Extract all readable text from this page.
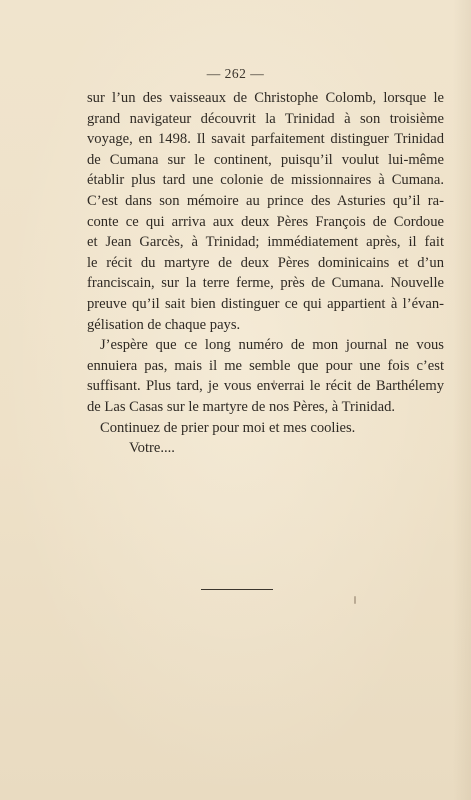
— 262 —
sur l’un des vaisseaux de Christophe Colomb, lorsque le
grand navigateur découvrit la Trinidad à son troisième
voyage, en 1498. Il savait parfaitement distinguer Trinidad
de Cumana sur le continent, puisqu’il voulut lui-même
établir plus tard une colonie de missionnaires à Cumana.
C’est dans son mémoire au prince des Asturies qu’il ra-
conte ce qui arriva aux deux Pères François de Cordoue
et Jean Garcès, à Trinidad; immédiatement après, il fait
le récit du martyre de deux Pères dominicains et d’un
franciscain, sur la terre ferme, près de Cumana. Nouvelle
preuve qu’il sait bien distinguer ce qui appartient à l’évan-
gélisation de chaque pays.
J’espère que ce long numéro de mon journal ne vous
ennuiera pas, mais il me semble que pour une fois c’est
suffisant. Plus tard, je vous enverrai le récit de Barthélemy
de Las Casas sur le martyre de nos Pères, à Trinidad.
Continuez de prier pour moi et mes coolies.
Votre....
